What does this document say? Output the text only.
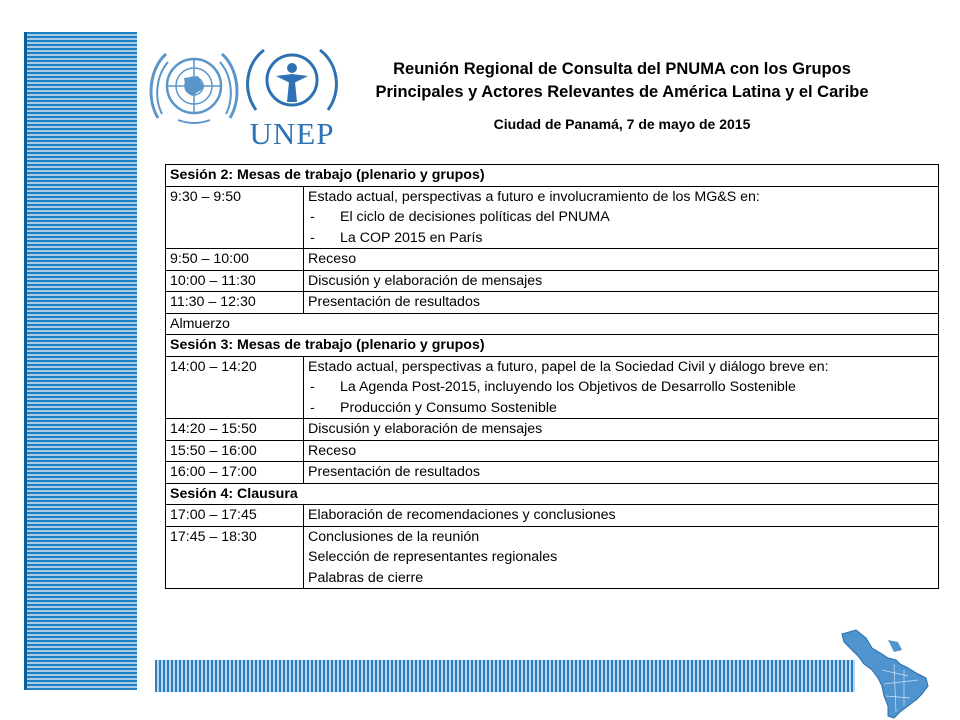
UNEP
Reunión Regional de Consulta del PNUMA con los Grupos
Principales y Actores Relevantes de América Latina y el Caribe
Ciudad de Panamá, 7 de mayo de 2015
Sesión 2: Mesas de trabajo (plenario y grupos)	
9:30 – 9:50	Estado actual, perspectivas a futuro e involucramiento de los MG&S en:
- El ciclo de decisiones políticas del PNUMA
- La COP 2015 en París

9:50 – 10:00	Receso
10:00 – 11:30	Discusión y elaboración de mensajes
11:30 – 12:30	Presentación de resultados
Almuerzo	
Sesión 3: Mesas de trabajo (plenario y grupos)	
14:00 – 14:20	Estado actual, perspectivas a futuro, papel de la Sociedad Civil y diálogo breve en:
- La Agenda Post-2015, incluyendo los Objetivos de Desarrollo Sostenible
- Producción y Consumo Sostenible

14:20 – 15:50	Discusión y elaboración de mensajes
15:50 – 16:00	Receso
16:00 – 17:00	Presentación de resultados
Sesión 4: Clausura	
17:00 – 17:45	Elaboración de recomendaciones y conclusiones
17:45 – 18:30	Conclusiones de la reunión
Selección de representantes regionales
Palabras de cierre
